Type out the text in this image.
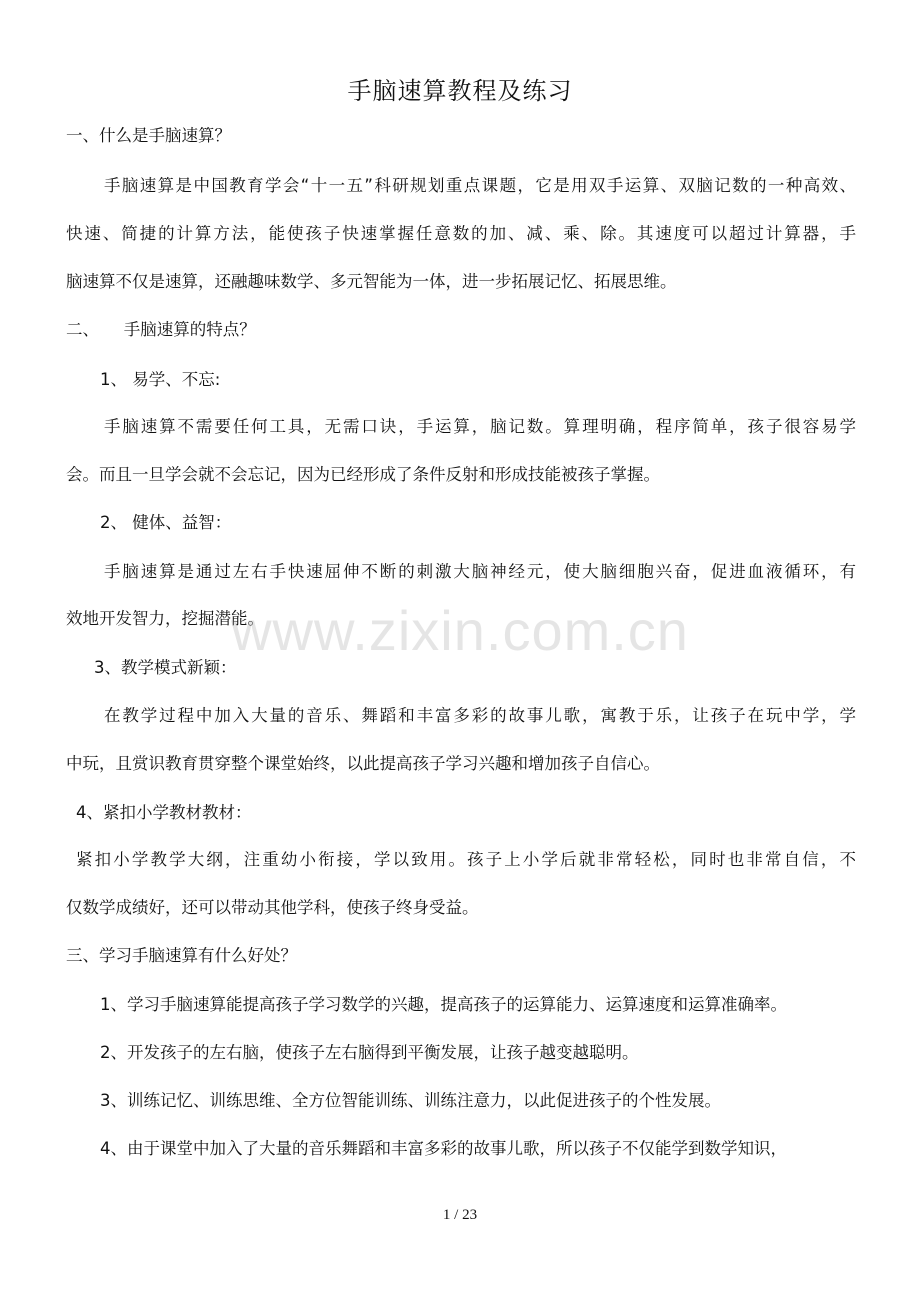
手脑速算教程及练习
一、什么是手脑速算？
手脑速算是中国教育学会“十一五”科研规划重点课题，它是用双手运算、双脑记数的一种高效、
快速、简捷的计算方法，能使孩子快速掌握任意数的加、减、乘、除。其速度可以超过计算器，手
脑速算不仅是速算，还融趣味数学、多元智能为一体，进一步拓展记忆、拓展思维。
二、　　手脑速算的特点？
1、 易学、不忘:
手脑速算不需要任何工具，无需口诀，手运算，脑记数。算理明确，程序简单，孩子很容易学
会。而且一旦学会就不会忘记，因为已经形成了条件反射和形成技能被孩子掌握。
2、 健体、益智：
手脑速算是通过左右手快速屈伸不断的刺激大脑神经元，使大脑细胞兴奋，促进血液循环，有
效地开发智力，挖掘潜能。
3、教学模式新颖：
在教学过程中加入大量的音乐、舞蹈和丰富多彩的故事儿歌，寓教于乐，让孩子在玩中学，学
中玩，且赏识教育贯穿整个课堂始终，以此提高孩子学习兴趣和增加孩子自信心。
4、紧扣小学教材教材：
紧扣小学教学大纲，注重幼小衔接，学以致用。孩子上小学后就非常轻松，同时也非常自信，不
仅数学成绩好，还可以带动其他学科，使孩子终身受益。
三、学习手脑速算有什么好处？
1、学习手脑速算能提高孩子学习数学的兴趣，提高孩子的运算能力、运算速度和运算准确率。
2、开发孩子的左右脑，使孩子左右脑得到平衡发展，让孩子越变越聪明。
3、训练记忆、训练思维、全方位智能训练、训练注意力，以此促进孩子的个性发展。
4、由于课堂中加入了大量的音乐舞蹈和丰富多彩的故事儿歌，所以孩子不仅能学到数学知识，
www.zixin.com.cn
1 / 23
